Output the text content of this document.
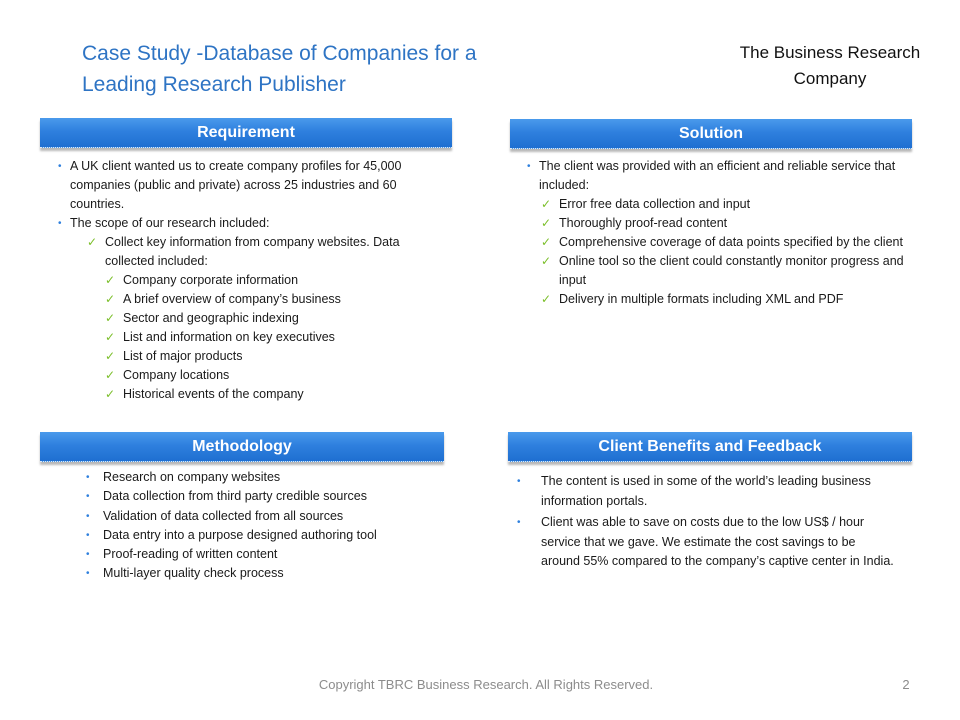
Case Study -Database of Companies for a Leading Research Publisher
The Business Research Company
Requirement
• A UK client wanted us to create company profiles for 45,000 companies (public and private) across 25 industries and 60 countries.
• The scope of our research included:
✓ Collect key information from company websites. Data collected included:
✓ Company corporate information
✓ A brief overview of company’s business
✓ Sector and geographic indexing
✓ List and information on key executives
✓ List of major products
✓ Company locations
✓ Historical events of the company
Solution
• The client was provided with an efficient and reliable service that included:
✓ Error free data collection and input
✓ Thoroughly proof-read content
✓ Comprehensive coverage of data points specified by the client
✓ Online tool so the client could constantly monitor progress and input
✓ Delivery in multiple formats including XML and PDF
Methodology
• Research on company websites
• Data collection from third party credible sources
• Validation of data collected from all sources
• Data entry into a purpose designed authoring tool
• Proof-reading of written content
• Multi-layer quality check process
Client Benefits and Feedback
• The content is used in some of the world’s leading business information portals.
• Client was able to save on costs due to the low US$ / hour service that we gave. We estimate the cost savings to be around 55% compared to the company’s captive center in India.
Copyright TBRC Business Research. All Rights Reserved.	2
